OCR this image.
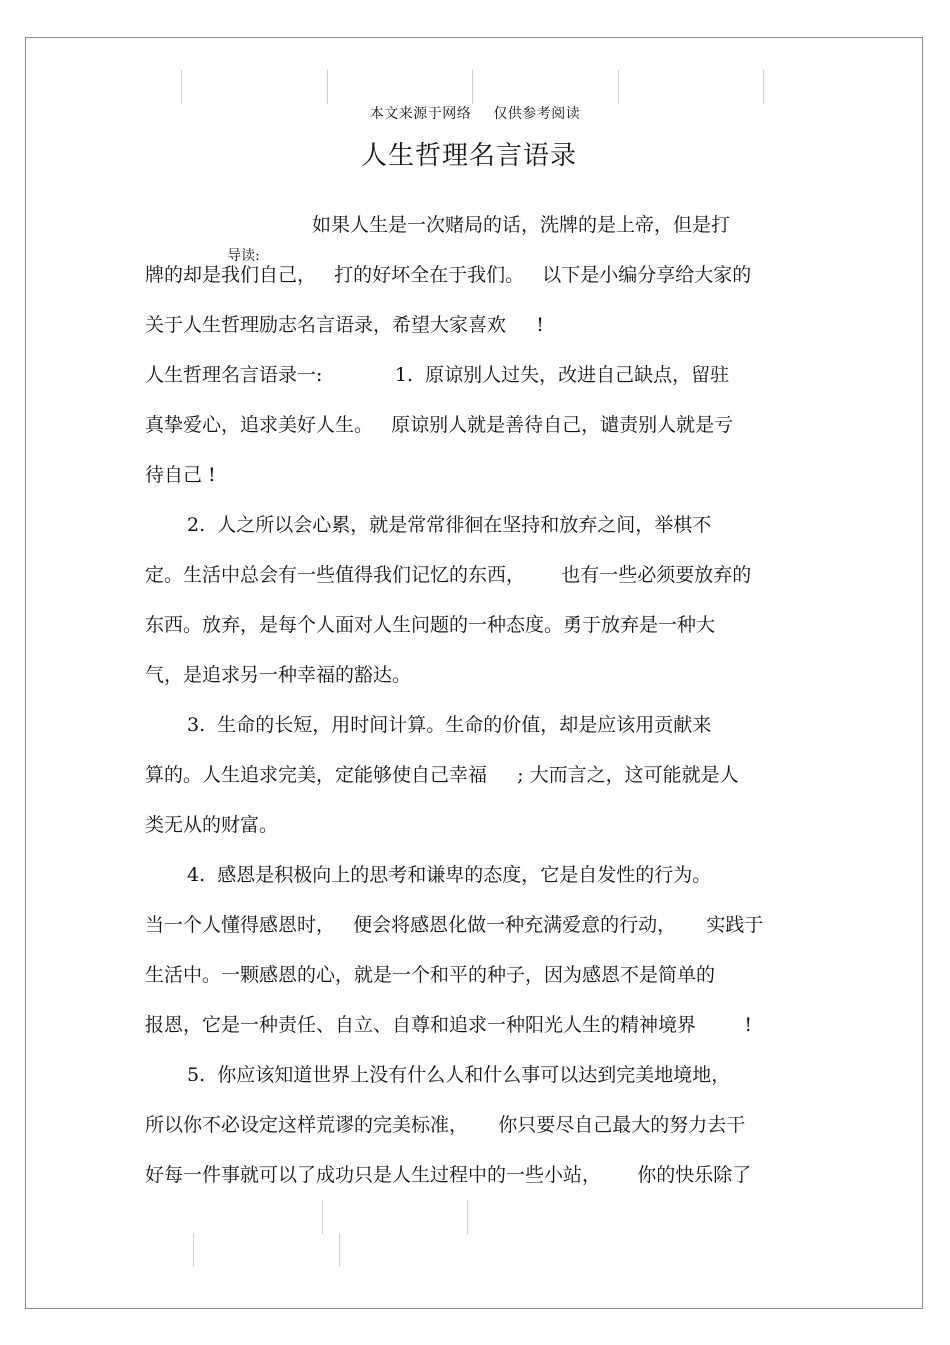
本文来源于网络 仅供参考阅读
人生哲理名言语录

导读:

如果人生是一次赌局的话，洗牌的是上帝，但是打
牌的却是我们自己，   打的好坏全在于我们。   以下是小编分享给大家的
关于人生哲理励志名言语录，希望大家喜欢     !
人生哲理名言语录一:            1.  原谅别人过失，改进自己缺点，留驻
真挚爱心，追求美好人生。   原谅别人就是善待自己，谴责别人就是亏
待自己 !
2.  人之所以会心累，就是常常徘徊在坚持和放弃之间，举棋不
定。生活中总会有一些值得我们记忆的东西，      也有一些必须要放弃的
东西。放弃，是每个人面对人生问题的一种态度。勇于放弃是一种大
气，是追求另一种幸福的豁达。
3.  生命的长短，用时间计算。生命的价值，却是应该用贡献来
算的。人生追求完美，定能够使自己幸福     ; 大而言之，这可能就是人
类无从的财富。
4.  感恩是积极向上的思考和谦卑的态度，它是自发性的行为。
当一个人懂得感恩时，   便会将感恩化做一种充满爱意的行动，     实践于
生活中。一颗感恩的心，就是一个和平的种子，因为感恩不是简单的
报恩，它是一种责任、自立、自尊和追求一种阳光人生的精神境界        !
5.  你应该知道世界上没有什么人和什么事可以达到完美地境地，
所以你不必设定这样荒谬的完美标准，     你只要尽自己最大的努力去干
好每一件事就可以了成功只是人生过程中的一些小站，      你的快乐除了
